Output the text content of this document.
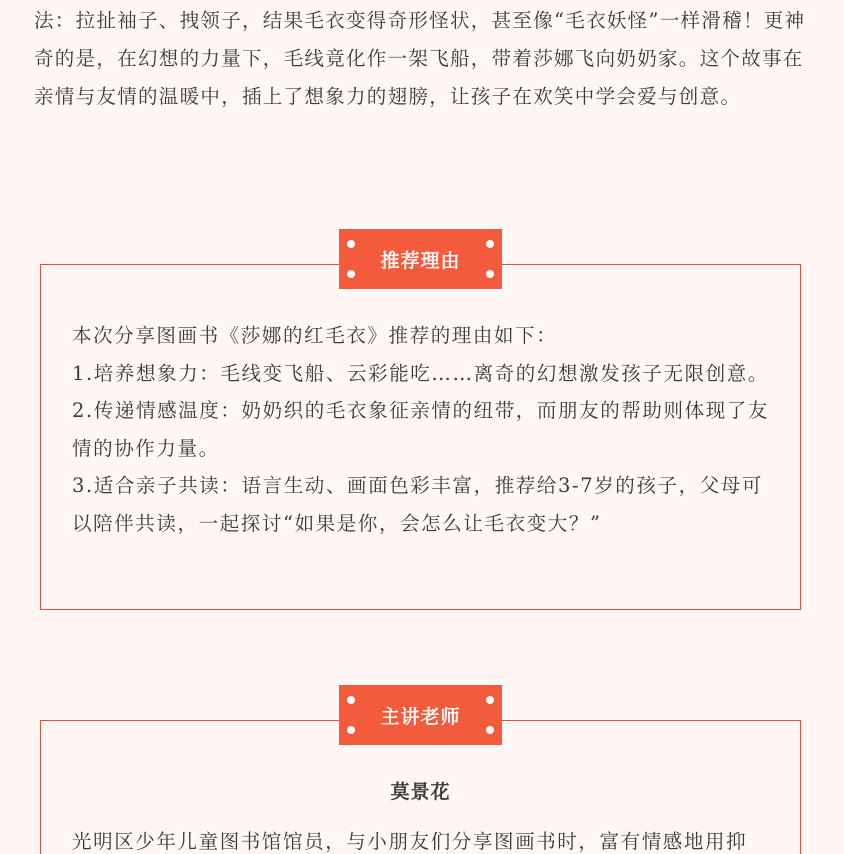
法：拉扯袖子、拽领子，结果毛衣变得奇形怪状，甚至像“毛衣妖怪”一样滑稽！更神奇的是，在幻想的力量下，毛线竟化作一架飞船，带着莎娜飞向奶奶家。这个故事在亲情与友情的温暖中，插上了想象力的翅膀，让孩子在欢笑中学会爱与创意。

本次分享图画书《莎娜的红毛衣》推荐的理由如下：

1.培养想象力：毛线变飞船、云彩能吃……离奇的幻想激发孩子无限创意。

2.传递情感温度：奶奶织的毛衣象征亲情的纽带，而朋友的帮助则体现了友情的协作力量。

3.适合亲子共读：语言生动、画面色彩丰富，推荐给3-7岁的孩子，父母可以陪伴共读，一起探讨“如果是你，会怎么让毛衣变大？”

推荐理由
莫景花
光明区少年儿童图书馆馆员，与小朋友们分享图画书时，富有情感地用抑
主讲老师
